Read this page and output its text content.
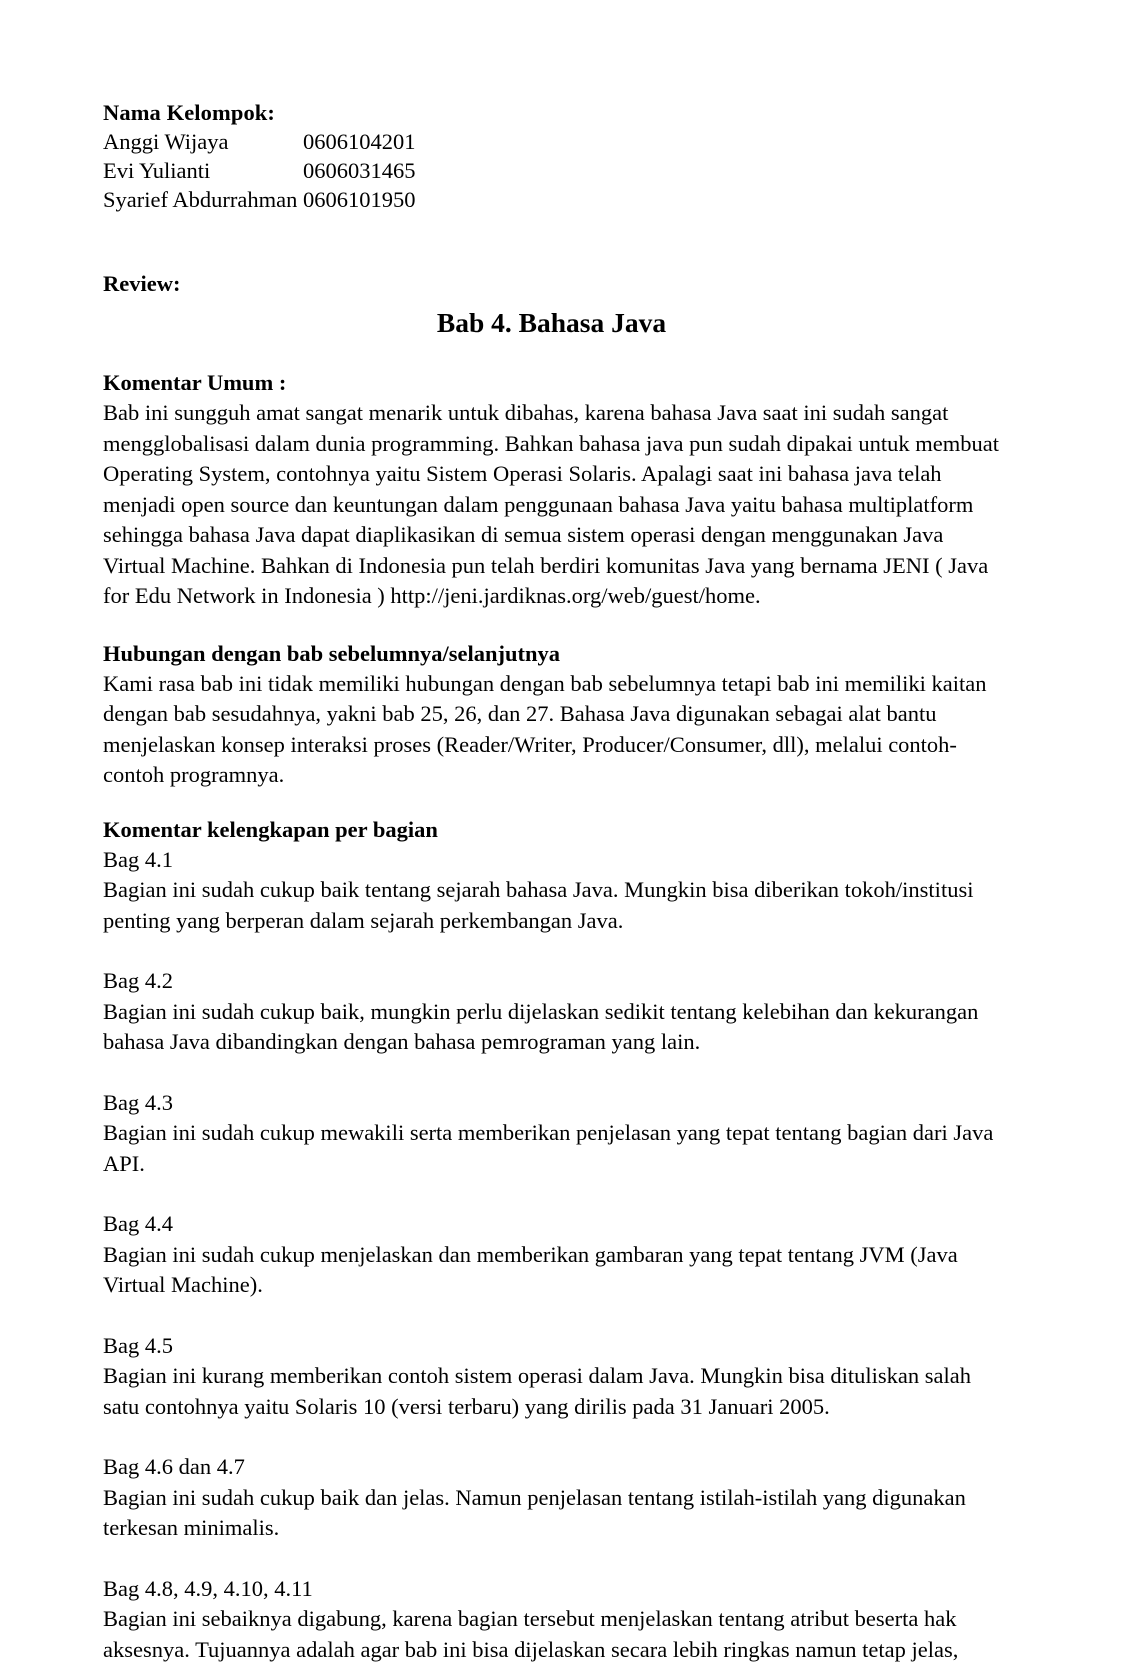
Nama Kelompok:
Anggi Wijaya	0606104201
Evi Yulianti	0606031465
Syarief Abdurrahman 0606101950
Review:
Bab 4. Bahasa Java
Komentar Umum :
Bab ini sungguh amat sangat menarik untuk dibahas, karena bahasa Java saat ini sudah sangat mengglobalisasi dalam dunia programming. Bahkan bahasa java pun sudah dipakai untuk membuat Operating System, contohnya yaitu Sistem Operasi Solaris. Apalagi saat ini bahasa java telah menjadi open source dan keuntungan dalam penggunaan bahasa Java yaitu bahasa multiplatform sehingga bahasa Java dapat diaplikasikan di semua sistem operasi dengan menggunakan Java Virtual Machine. Bahkan di Indonesia pun telah berdiri komunitas Java yang bernama JENI ( Java for Edu Network in Indonesia ) http://jeni.jardiknas.org/web/guest/home.
Hubungan dengan bab sebelumnya/selanjutnya
Kami rasa bab ini tidak memiliki hubungan dengan bab sebelumnya tetapi bab ini memiliki kaitan dengan bab sesudahnya, yakni bab 25, 26, dan 27. Bahasa Java digunakan sebagai alat bantu menjelaskan konsep interaksi proses (Reader/Writer, Producer/Consumer, dll), melalui contoh-contoh programnya.
Komentar kelengkapan per bagian
Bag 4.1
Bagian ini sudah cukup baik tentang sejarah bahasa Java. Mungkin bisa diberikan tokoh/institusi penting yang berperan dalam sejarah perkembangan Java.
Bag 4.2
Bagian ini sudah cukup baik, mungkin perlu dijelaskan sedikit tentang kelebihan dan kekurangan bahasa Java dibandingkan dengan bahasa pemrograman yang lain.
Bag 4.3
Bagian ini sudah cukup mewakili serta memberikan penjelasan yang tepat tentang bagian dari Java API.
Bag 4.4
Bagian ini sudah cukup menjelaskan dan memberikan gambaran yang tepat tentang JVM (Java Virtual Machine).
Bag 4.5
Bagian ini kurang memberikan contoh sistem operasi dalam Java. Mungkin bisa dituliskan salah satu contohnya yaitu Solaris 10 (versi terbaru) yang dirilis pada 31 Januari 2005.
Bag 4.6 dan 4.7
Bagian ini sudah cukup baik dan jelas. Namun penjelasan tentang istilah-istilah yang digunakan terkesan minimalis.
Bag 4.8, 4.9, 4.10, 4.11
Bagian ini sebaiknya digabung, karena bagian tersebut menjelaskan tentang atribut beserta hak aksesnya. Tujuannya adalah agar bab ini bisa dijelaskan secara lebih ringkas namun tetap jelas,
